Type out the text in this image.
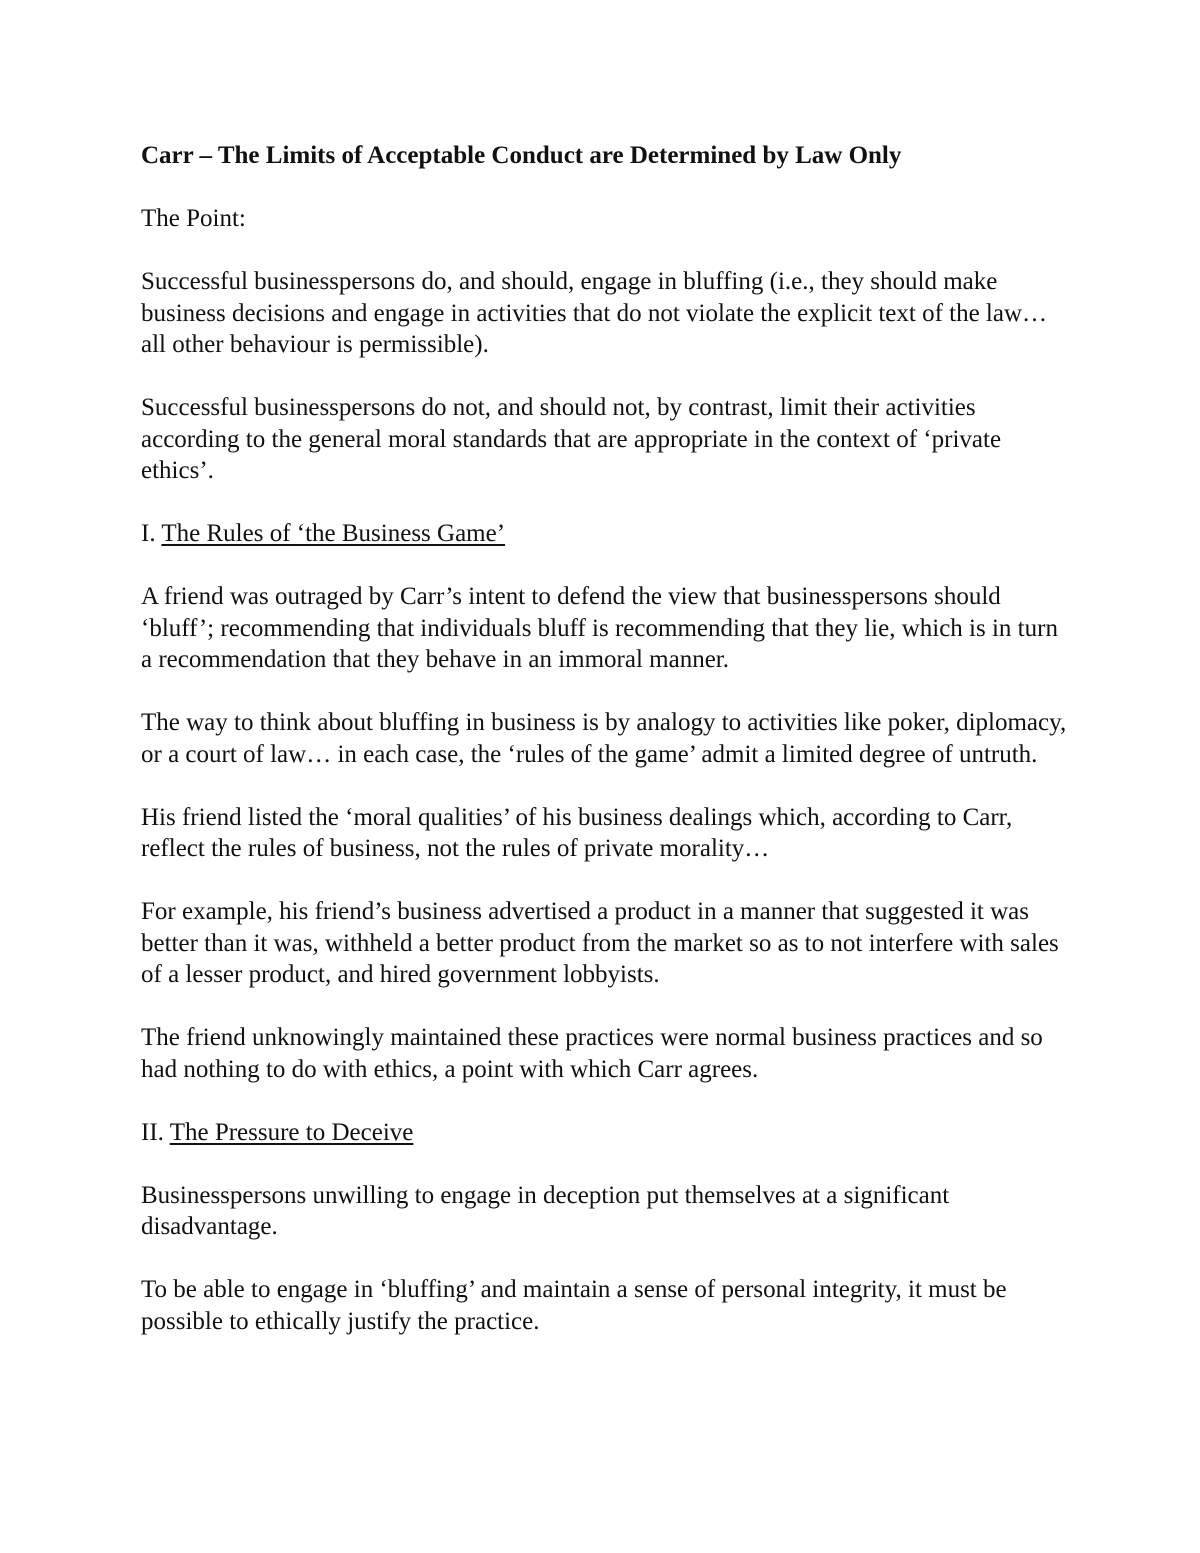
Carr – The Limits of Acceptable Conduct are Determined by Law Only

The Point:

Successful businesspersons do, and should, engage in bluffing (i.e., they should make business decisions and engage in activities that do not violate the explicit text of the law… all other behaviour is permissible).

Successful businesspersons do not, and should not, by contrast, limit their activities according to the general moral standards that are appropriate in the context of ‘private ethics’.

I. The Rules of ‘the Business Game’

A friend was outraged by Carr’s intent to defend the view that businesspersons should ‘bluff’; recommending that individuals bluff is recommending that they lie, which is in turn a recommendation that they behave in an immoral manner.

The way to think about bluffing in business is by analogy to activities like poker, diplomacy, or a court of law… in each case, the ‘rules of the game’ admit a limited degree of untruth.

His friend listed the ‘moral qualities’ of his business dealings which, according to Carr, reflect the rules of business, not the rules of private morality…

For example, his friend’s business advertised a product in a manner that suggested it was better than it was, withheld a better product from the market so as to not interfere with sales of a lesser product, and hired government lobbyists.

The friend unknowingly maintained these practices were normal business practices and so had nothing to do with ethics, a point with which Carr agrees.

II. The Pressure to Deceive

Businesspersons unwilling to engage in deception put themselves at a significant disadvantage.

To be able to engage in ‘bluffing’ and maintain a sense of personal integrity, it must be possible to ethically justify the practice.
